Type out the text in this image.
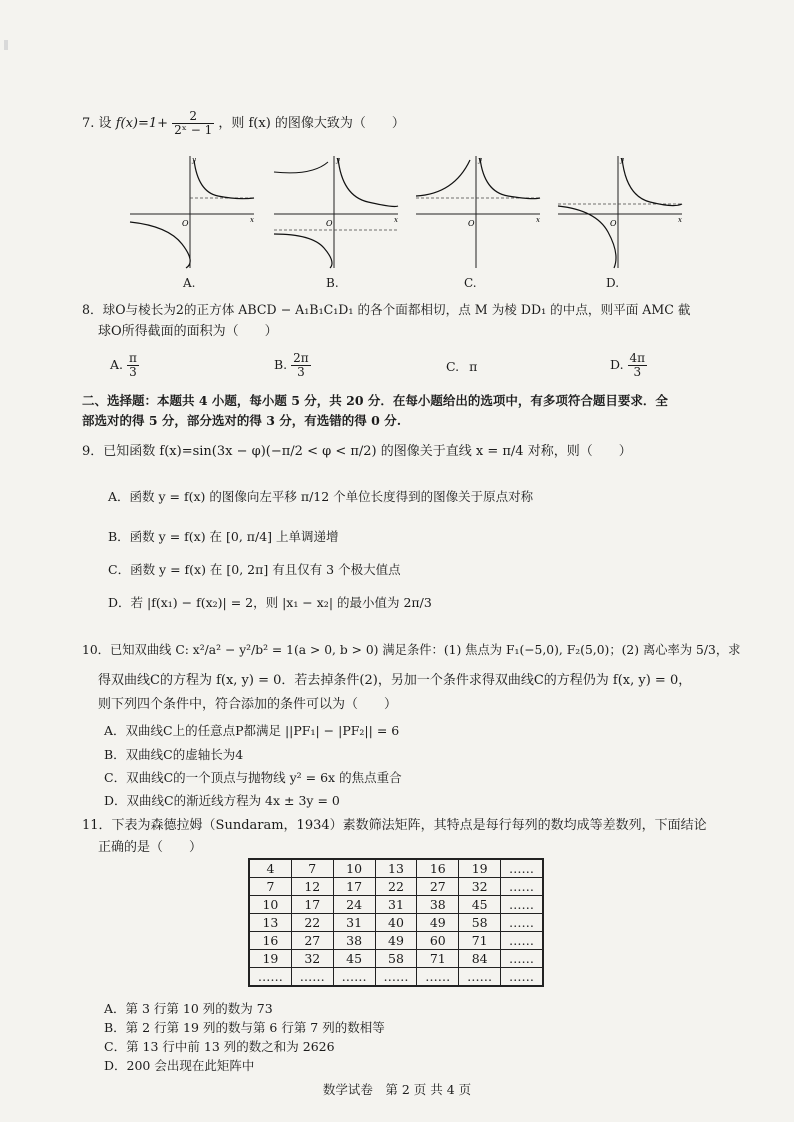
7. 设 $f(x)=1+ \frac{2}{\text{2ˣ − 1}}$ ，则 f(x) 的图像大致为（　　）
O	x
y
O	x
y
O	x
y
O	x
y
A.	B.	C.	D.
8．球O与棱长为2的正方体 ABCD − A₁B₁C₁D₁ 的各个面都相切，点 M 为棱 DD₁ 的中点，则平面 AMC 截
球O所得截面的面积为（　　）
A. $\frac{\pi}{3}$	B. $\frac{2\pi}{3}$	C. π	D. $\frac{4\pi}{3}$
二、选择题：本题共 4 小题，每小题 5 分，共 20 分．在每小题给出的选项中，有多项符合题目要求．全
部选对的得 5 分，部分选对的得 3 分，有选错的得 0 分.
9．已知函数 f(x)=sin(3x − φ)(−π/2 < φ < π/2) 的图像关于直线 x = π/4 对称，则（　　）
A．函数 y = f(x) 的图像向左平移 π/12 个单位长度得到的图像关于原点对称
B．函数 y = f(x) 在 [0, π/4] 上单调递增
C．函数 y = f(x) 在 [0, 2π] 有且仅有 3 个极大值点
D．若 |f(x₁) − f(x₂)| = 2，则 |x₁ − x₂| 的最小值为 2π/3
10．已知双曲线 C: x²/a² − y²/b² = 1(a > 0, b > 0) 满足条件：(1) 焦点为 F₁(−5,0), F₂(5,0)；(2) 离心率为 5/3，求
得双曲线C的方程为 f(x, y) = 0．若去掉条件(2)，另加一个条件求得双曲线C的方程仍为 f(x, y) = 0，
则下列四个条件中，符合添加的条件可以为（　　）
A．双曲线C上的任意点P都满足 ||PF₁| − |PF₂|| = 6
B．双曲线C的虚轴长为4
C．双曲线C的一个顶点与抛物线 y² = 6x 的焦点重合
D．双曲线C的渐近线方程为 4x ± 3y = 0
11．下表为森德拉姆（Sundaram，1934）素数筛法矩阵，其特点是每行每列的数均成等差数列，下面结论
正确的是（　　）
4	7	10	13	16	19	……
7	12	17	22	27	32	……
10	17	24	31	38	45	……
13	22	31	40	49	58	……
16	27	38	49	60	71	……
19	32	45	58	71	84	……
……	……	……	……	……	……	……
A．第 3 行第 10 列的数为 73
B．第 2 行第 19 列的数与第 6 行第 7 列的数相等
C．第 13 行中前 13 列的数之和为 2626
D．200 会出现在此矩阵中
数学试卷　第 2 页 共 4 页
